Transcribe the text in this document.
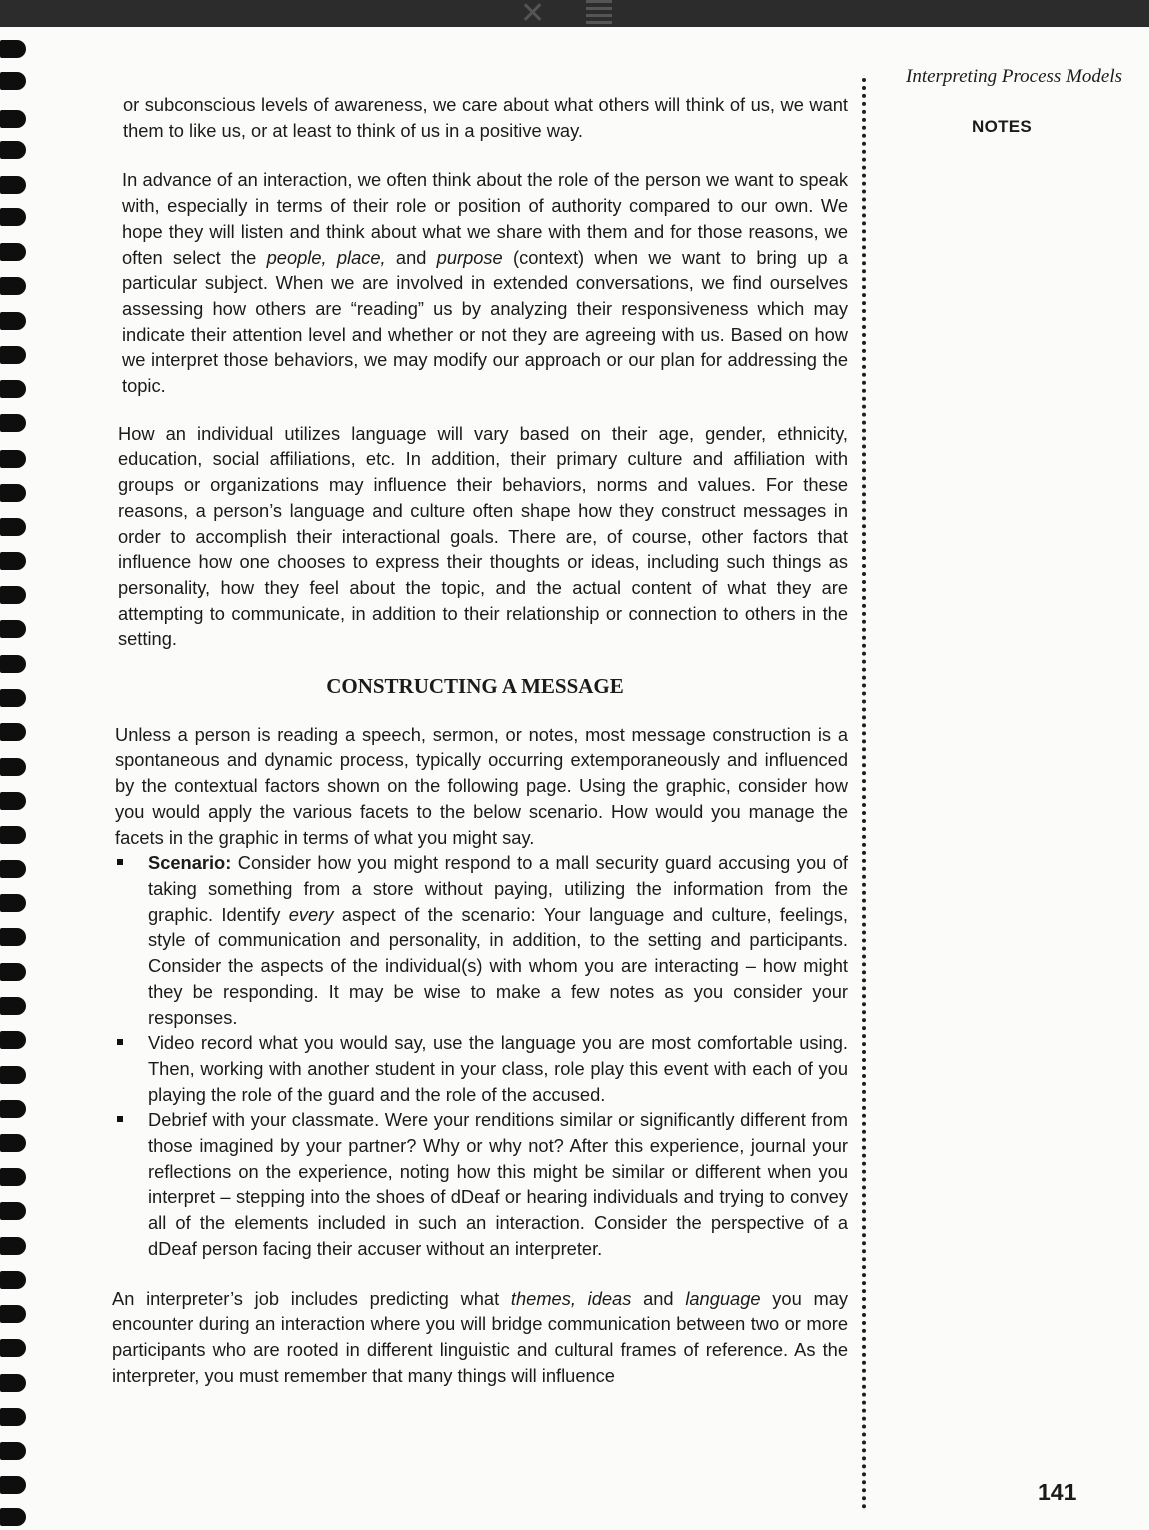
✕
Interpreting Process Models
NOTES
141

or subconscious levels of awareness, we care about what others will think of us, we want them to like us, or at least to think of us in a positive way.

In advance of an interaction, we often think about the role of the person we want to speak with, especially in terms of their role or position of authority compared to our own. We hope they will listen and think about what we share with them and for those reasons, we often select the people, place, and purpose (context) when we want to bring up a particular subject. When we are involved in extended conversations, we find ourselves assessing how others are “reading” us by analyzing their responsiveness which may indicate their attention level and whether or not they are agreeing with us. Based on how we interpret those behaviors, we may modify our approach or our plan for addressing the topic.

How an individual utilizes language will vary based on their age, gender, ethnicity, education, social affiliations, etc. In addition, their primary culture and affiliation with groups or organizations may influence their behaviors, norms and values. For these reasons, a person’s language and culture often shape how they construct messages in order to accomplish their interactional goals. There are, of course, other factors that influence how one chooses to express their thoughts or ideas, including such things as personality, how they feel about the topic, and the actual content of what they are attempting to communicate, in addition to their relationship or connection to others in the setting.

CONSTRUCTING A MESSAGE

Unless a person is reading a speech, sermon, or notes, most message construction is a spontaneous and dynamic process, typically occurring extemporaneously and influenced by the contextual factors shown on the following page. Using the graphic, consider how you would apply the various facets to the below scenario. How would you manage the facets in the graphic in terms of what you might say.

Scenario: Consider how you might respond to a mall security guard accusing you of taking something from a store without paying, utilizing the information from the graphic. Identify every aspect of the scenario: Your language and culture, feelings, style of communication and personality, in addition, to the setting and participants. Consider the aspects of the individual(s) with whom you are interacting – how might they be responding. It may be wise to make a few notes as you consider your responses.
Video record what you would say, use the language you are most comfortable using. Then, working with another student in your class, role play this event with each of you playing the role of the guard and the role of the accused.
Debrief with your classmate. Were your renditions similar or significantly different from those imagined by your partner? Why or why not? After this experience, journal your reflections on the experience, noting how this might be similar or different when you interpret – stepping into the shoes of dDeaf or hearing individuals and trying to convey all of the elements included in such an interaction. Consider the perspective of a dDeaf person facing their accuser without an interpreter.

An interpreter’s job includes predicting what themes, ideas and language you may encounter during an interaction where you will bridge communication between two or more participants who are rooted in different linguistic and cultural frames of reference. As the interpreter, you must remember that many things will influence
